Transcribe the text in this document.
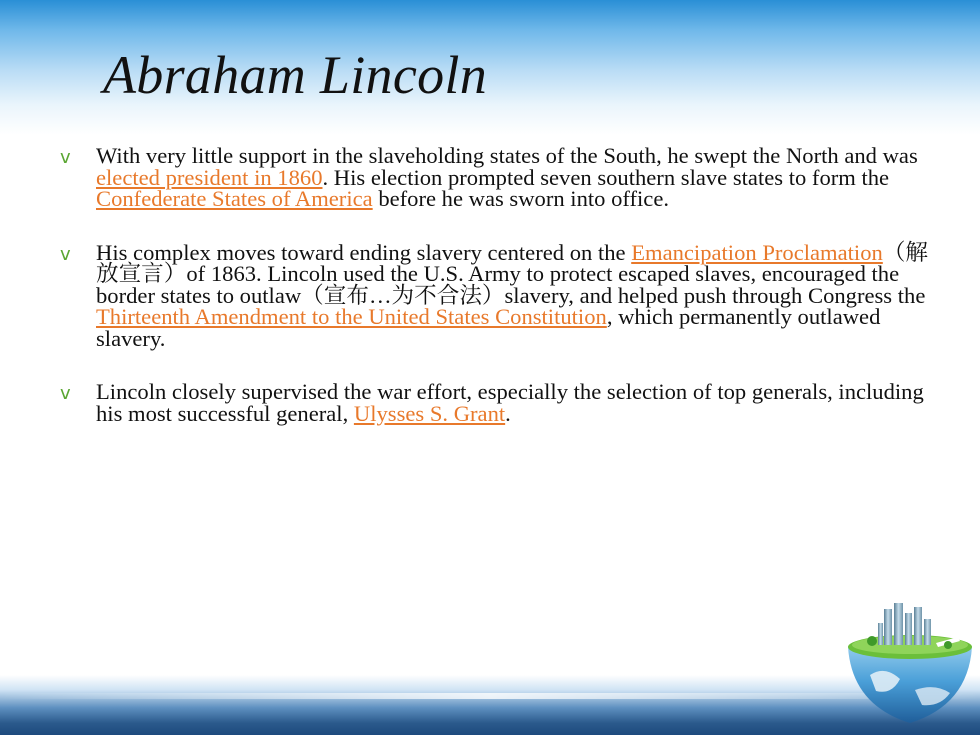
Abraham Lincoln
v With very little support in the slaveholding states of the South, he swept the North and was elected president in 1860. His election prompted seven southern slave states to form the Confederate States of America before he was sworn into office.
v His complex moves toward ending slavery centered on the Emancipation Proclamation（解放宣言）of 1863. Lincoln used the U.S. Army to protect escaped slaves, encouraged the border states to outlaw（宣布…为不合法）slavery, and helped push through Congress the Thirteenth Amendment to the United States Constitution, which permanently outlawed slavery.
v Lincoln closely supervised the war effort, especially the selection of top generals, including his most successful general, Ulysses S. Grant.
